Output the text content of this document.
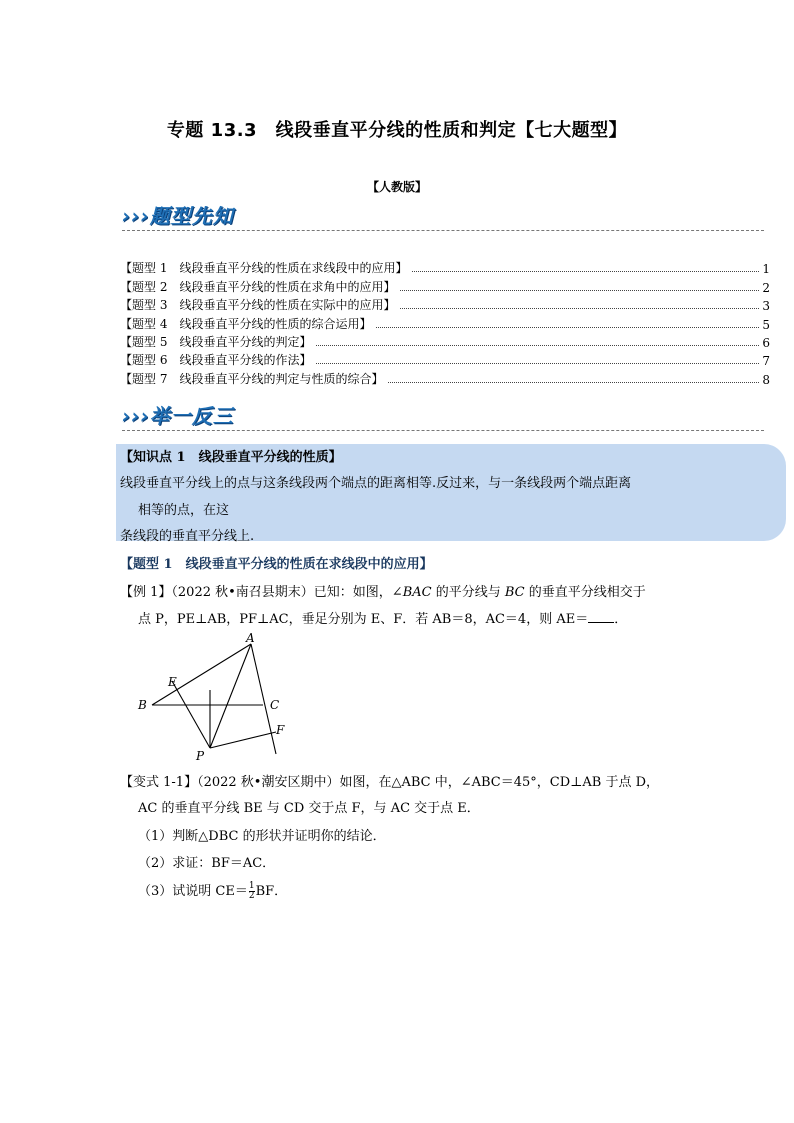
专题 13.3　线段垂直平分线的性质和判定【七大题型】
【人教版】
›››题型先知
【题型 1　线段垂直平分线的性质在求线段中的应用】	1
【题型 2　线段垂直平分线的性质在求角中的应用】	2
【题型 3　线段垂直平分线的性质在实际中的应用】	3
【题型 4　线段垂直平分线的性质的综合运用】	5
【题型 5　线段垂直平分线的判定】	6
【题型 6　线段垂直平分线的作法】	7
【题型 7　线段垂直平分线的判定与性质的综合】	8
›››举一反三
【知识点 1　线段垂直平分线的性质】
线段垂直平分线上的点与这条线段两个端点的距离相等.反过来，与一条线段两个端点距离
相等的点，在这
条线段的垂直平分线上.
【题型 1　线段垂直平分线的性质在求线段中的应用】
【例 1】（2022 秋•南召县期末）已知：如图，∠BAC 的平分线与 BC 的垂直平分线相交于
点 P，PE⊥AB，PF⊥AC，垂足分别为 E、F．若 AB＝8，AC＝4，则 AE＝ ．
A
B	C
E
F
P
【变式 1-1】（2022 秋•潮安区期中）如图，在△ABC 中，∠ABC＝45°，CD⊥AB 于点 D，
AC 的垂直平分线 BE 与 CD 交于点 F，与 AC 交于点 E．
（1）判断△DBC 的形状并证明你的结论．
（2）求证：BF＝AC．
（3）试说明 $CE= \frac{1}{2}$ BF．
